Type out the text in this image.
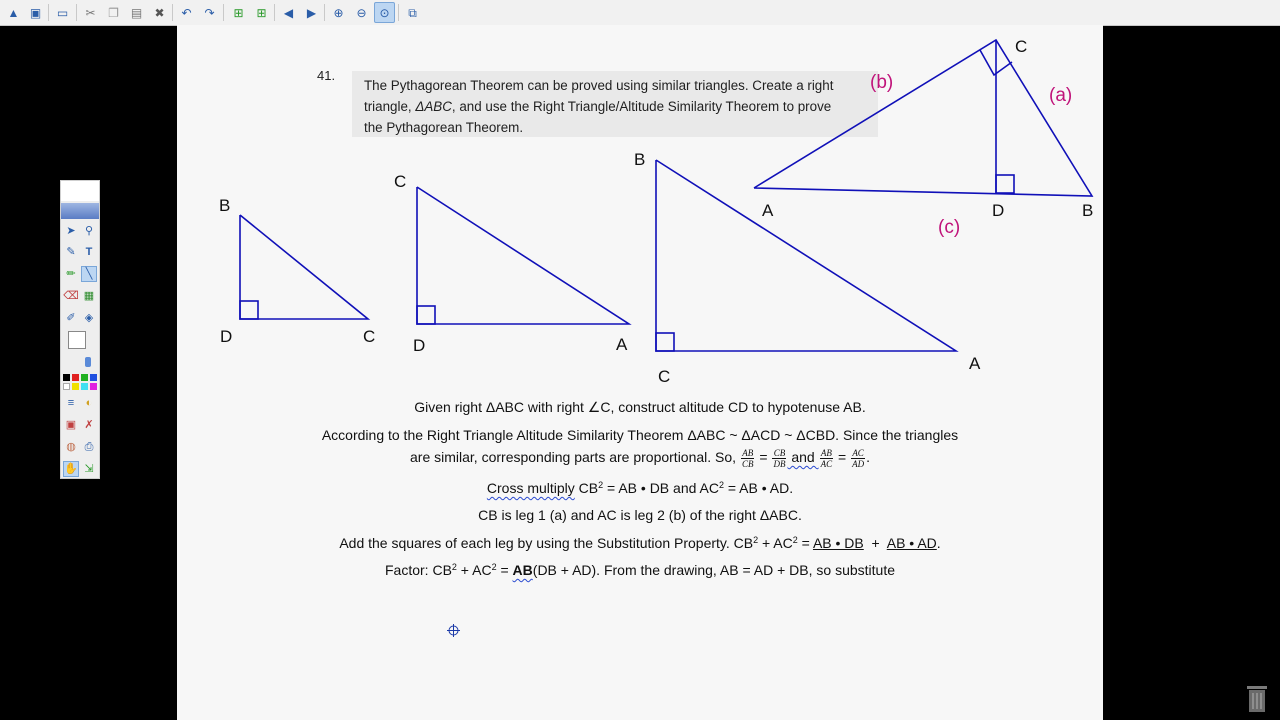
▲ ▣	▭	✂	❐ ▤	✖	↶	↷	⊞	⊞	◀	▶	⊕	⊖	⊙	⧉
41.
The Pythagorean Theorem can be proved using similar triangles. Create a right
triangle, ΔABC, and use the Right Triangle/Altitude Similarity Theorem to prove
the Pythagorean Theorem.
C
A	D	B
(a)
(b)
(c)
B
D	C
C
D	A
B
C
A
Given right ΔABC with right ∠C, construct altitude CD to hypotenuse AB.
According to the Right Triangle Altitude Similarity Theorem ΔABC ~ ΔACD ~ ΔCBD. Since the triangles
are similar, corresponding parts are proportional. So, $\frac{AB}{CB} = \frac{CB}{DB}$ and $\frac{AB}{AC} = \frac{AC}{AD}$ .
Cross multiply $CB^2$ = AB • DB and $AC^2$ = AB • AD.
CB is leg 1 (a) and AC is leg 2 (b) of the right ΔABC.
Add the squares of each leg by using the Substitution Property. $CB^2 + AC^2$ = AB • DB  +  AB • AD.
Factor: $CB^2 + AC^2 = AB(DB + AD)$. From the drawing, AB = AD + DB, so substitute
➤ ⚲
✎ T
✏ ╲
⌫ ▦
✐ ◈
≡	◐
▣ ✗
◍ ⎙
✋ ⇲
